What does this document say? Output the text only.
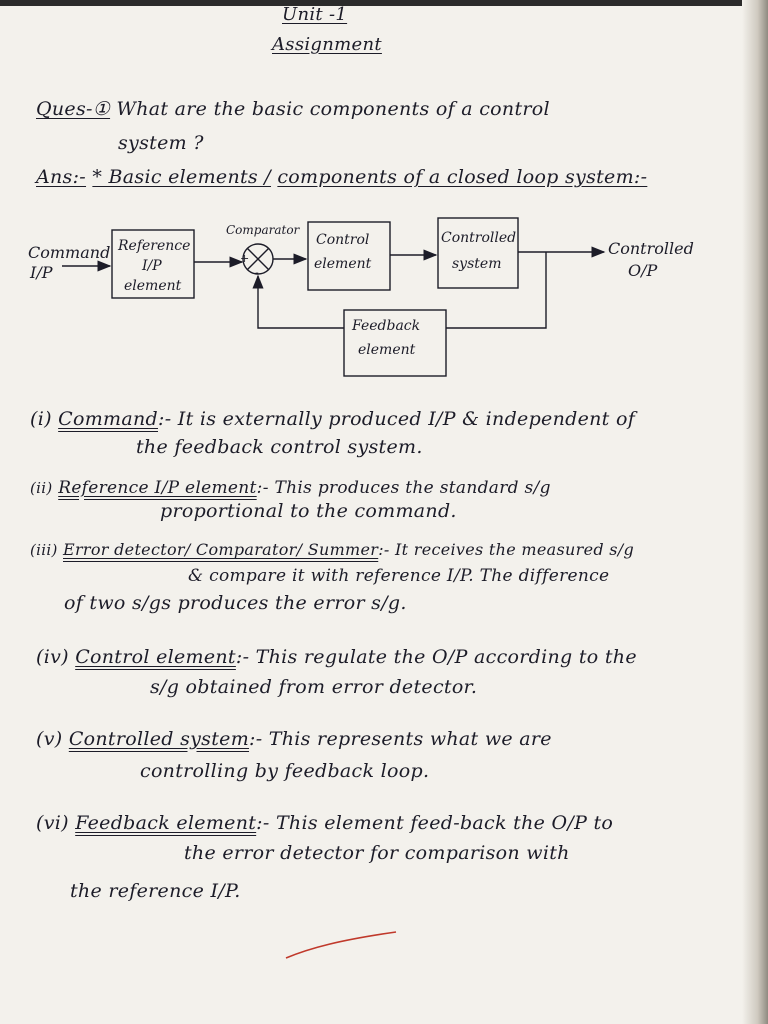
Unit -1
Assignment
Ques-① What are the basic components of a control
system ?
Ans:- * Basic elements / components of a closed loop system:-
Command
I/P
Reference
I/P
element
Comparator
+
-
Control
element
Controlled
system
Controlled
O/P
Feedback
element
(i) Command:- It is externally produced I/P & independent of
the feedback control system.
(ii) Reference I/P element:- This produces the standard s/g
proportional to the command.
(iii) Error detector/ Comparator/ Summer:- It receives the measured s/g
& compare it with reference I/P. The difference
of two s/gs produces the error s/g.
(iv) Control element:- This regulate the O/P according to the
s/g obtained from error detector.
(v) Controlled system:- This represents what we are
controlling by feedback loop.
(vi) Feedback element:- This element feed-back the O/P to
the error detector for comparison with
the reference I/P.
